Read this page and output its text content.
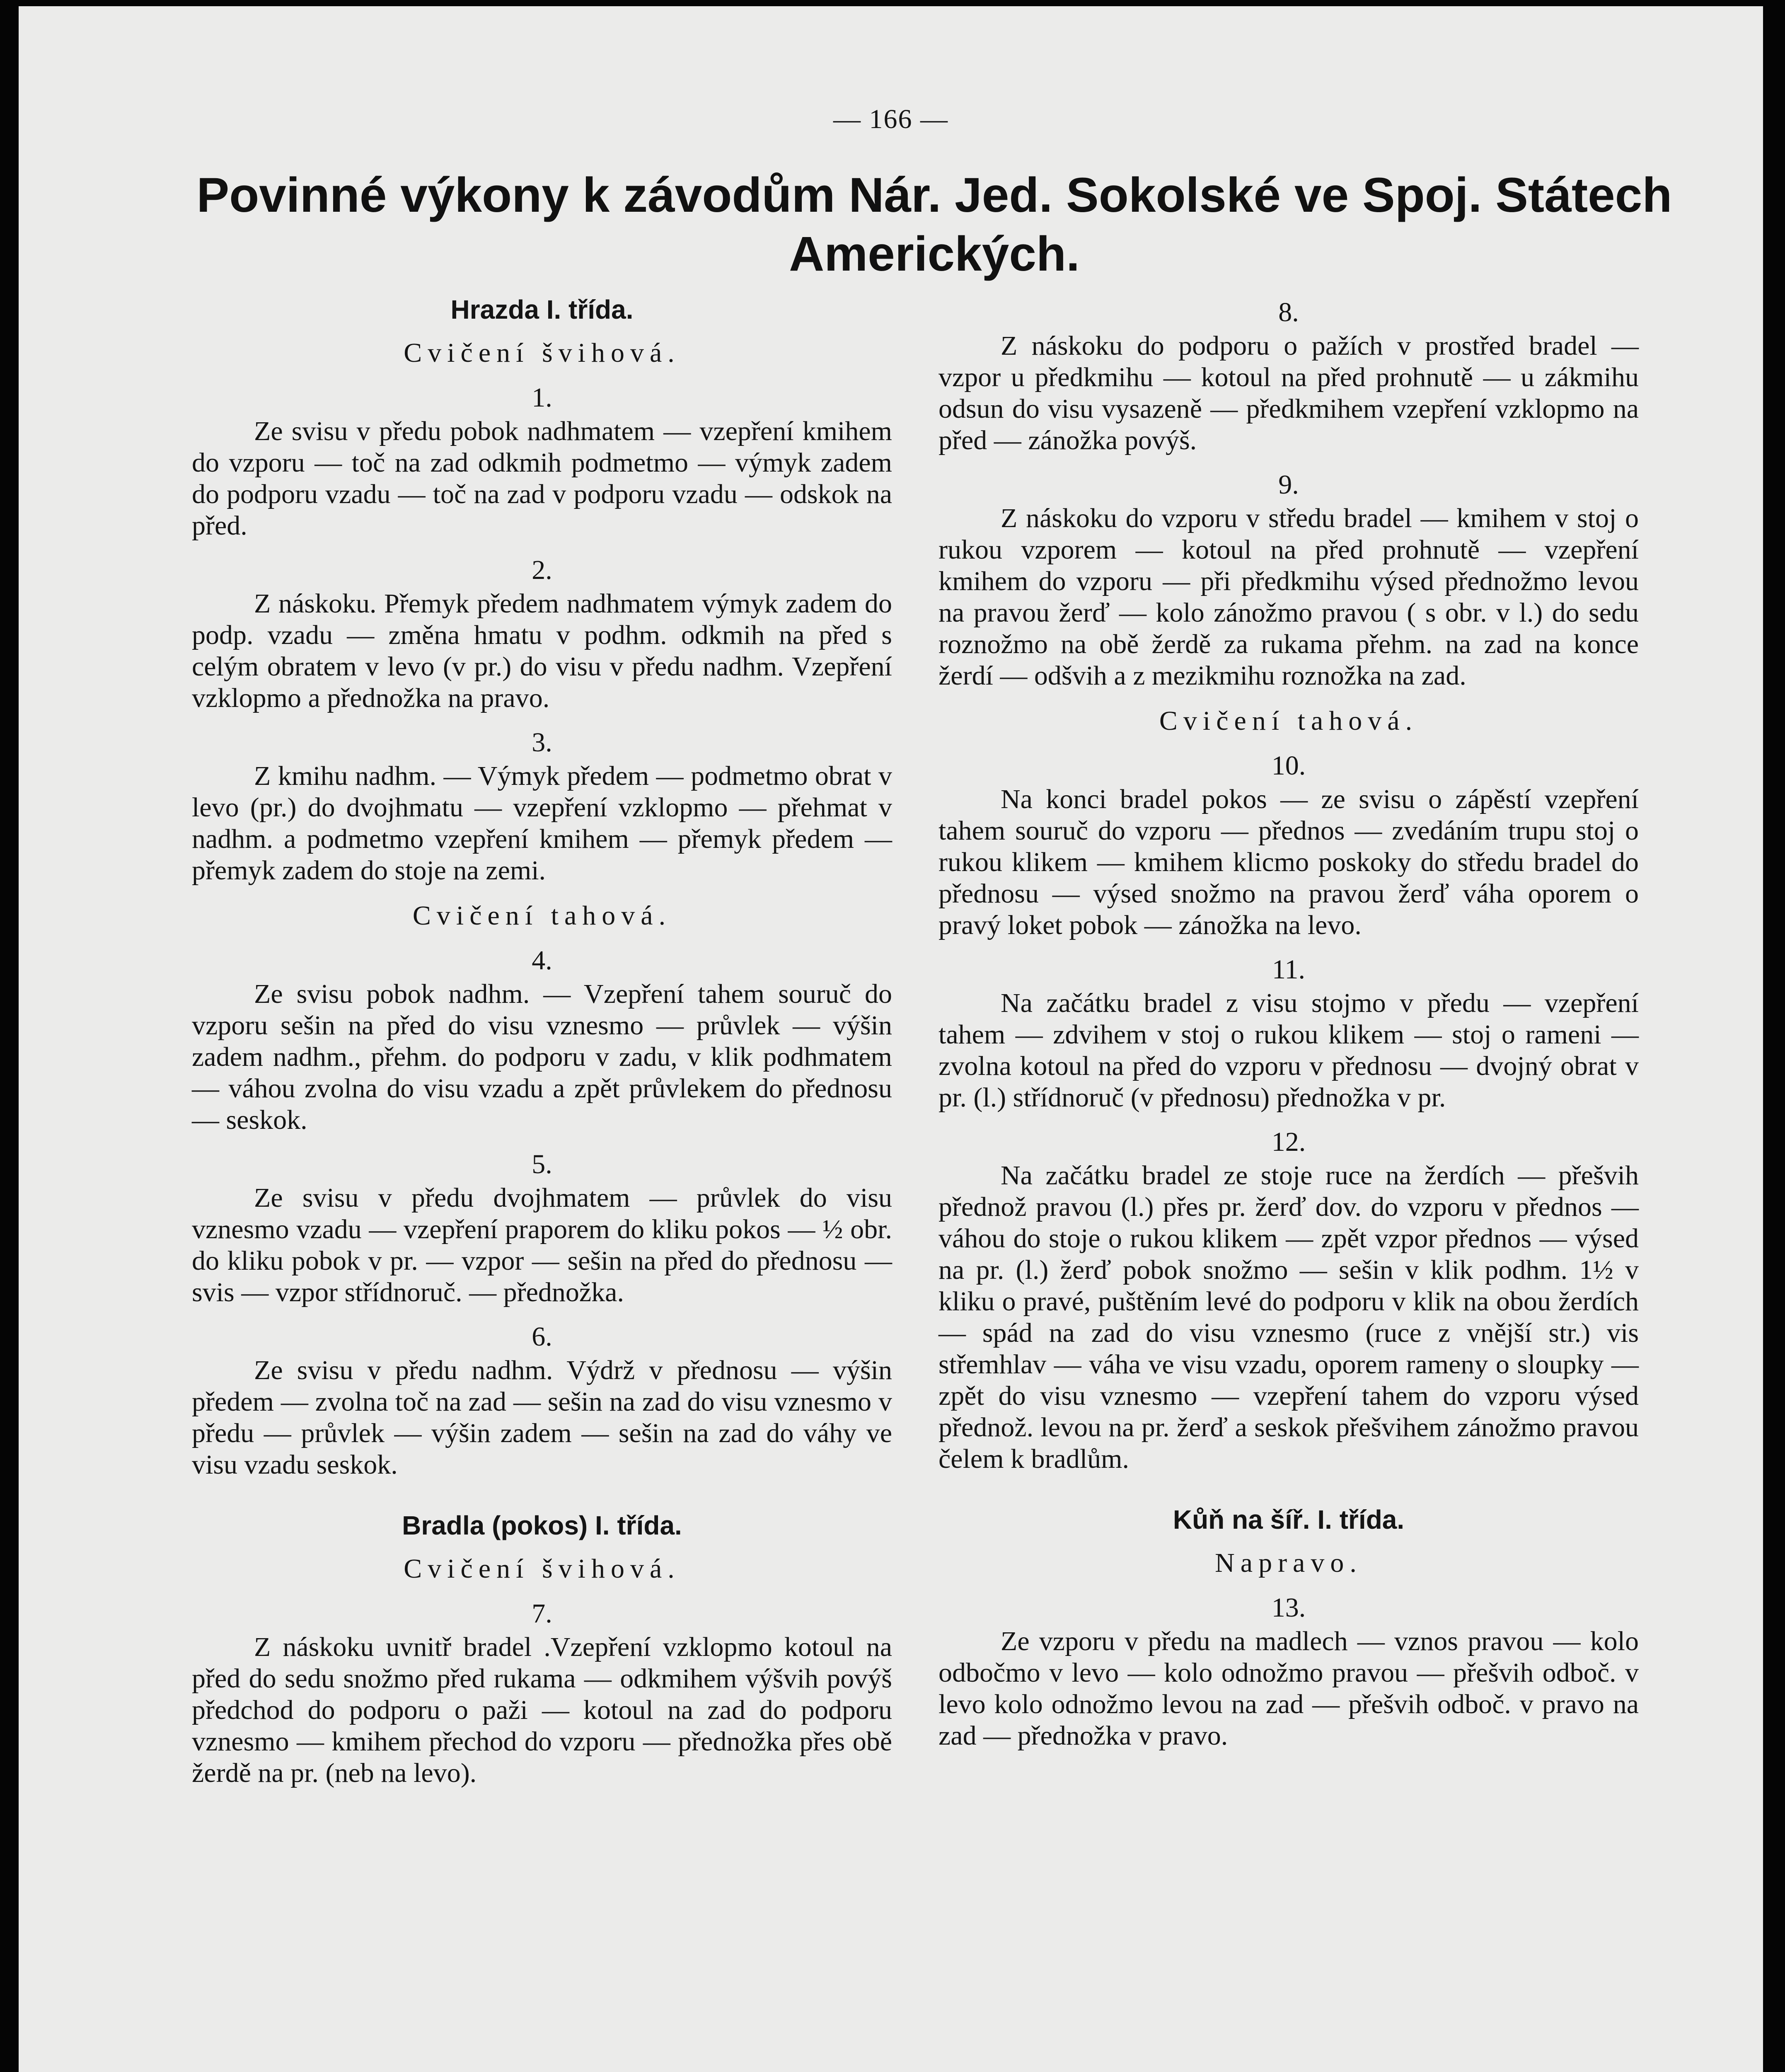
— 166 —
Povinné výkony k závodům Nár. Jed. Sokolské ve Spoj. Státech Amerických.
Hrazda I. třída.
Cvičení švihová.
1.

Ze svisu v předu pobok nadhmatem — vzepření kmihem do vzporu — toč na zad odkmih podmetmo — výmyk zadem do podporu vzadu — toč na zad v podporu vzadu — odskok na před.

2.

Z náskoku. Přemyk předem nadhmatem výmyk zadem do podp. vzadu — změna hmatu v podhm. odkmih na před s celým obratem v levo (v pr.) do visu v předu nadhm. Vzepření vzklopmo a přednožka na pravo.

3.

Z kmihu nadhm. — Výmyk předem — podmetmo obrat v levo (pr.) do dvojhmatu — vzepření vzklopmo — přehmat v nadhm. a podmetmo vzepření kmihem — přemyk předem — přemyk zadem do stoje na zemi.

Cvičení tahová.
4.

Ze svisu pobok nadhm. — Vzepření tahem souruč do vzporu sešin na před do visu vznesmo — průvlek — výšin zadem nadhm., přehm. do podporu v zadu, v klik podhmatem — váhou zvolna do visu vzadu a zpět průvlekem do přednosu — seskok.

5.

Ze svisu v předu dvojhmatem — průvlek do visu vznesmo vzadu — vzepření praporem do kliku pokos — ½ obr. do kliku pobok v pr. — vzpor — sešin na před do přednosu — svis — vzpor střídnoruč. — přednožka.

6.

Ze svisu v předu nadhm. Výdrž v přednosu — výšin předem — zvolna toč na zad — sešin na zad do visu vznesmo v předu — průvlek — výšin zadem — sešin na zad do váhy ve visu vzadu seskok.

Bradla (pokos) I. třída.
Cvičení švihová.
7.

Z náskoku uvnitř bradel .Vzepření vzklopmo kotoul na před do sedu snožmo před rukama — odkmihem výšvih povýš předchod do podporu o paži — kotoul na zad do podporu vznesmo — kmihem přechod do vzporu — přednožka přes obě žerdě na pr. (neb na levo).

8.

Z náskoku do podporu o pažích v prostřed bradel — vzpor u předkmihu — kotoul na před prohnutě — u zákmihu odsun do visu vysazeně — předkmihem vzepření vzklopmo na před — zánožka povýš.

9.

Z náskoku do vzporu v středu bradel — kmihem v stoj o rukou vzporem — kotoul na před prohnutě — vzepření kmihem do vzporu — při předkmihu výsed přednožmo levou na pravou žerď — kolo zánožmo pravou ( s obr. v l.) do sedu roznožmo na obě žerdě za rukama přehm. na zad na konce žerdí — odšvih a z mezikmihu roznožka na zad.

Cvičení tahová.
10.

Na konci bradel pokos — ze svisu o zápěstí vzepření tahem souruč do vzporu — přednos — zvedáním trupu stoj o rukou klikem — kmihem klicmo poskoky do středu bradel do přednosu — výsed snožmo na pravou žerď váha oporem o pravý loket pobok — zánožka na levo.

11.

Na začátku bradel z visu stojmo v předu — vzepření tahem — zdvihem v stoj o rukou klikem — stoj o rameni — zvolna kotoul na před do vzporu v přednosu — dvojný obrat v pr. (l.) střídnoruč (v přednosu) přednožka v pr.

12.

Na začátku bradel ze stoje ruce na žerdích — přešvih přednož pravou (l.) přes pr. žerď dov. do vzporu v přednos — váhou do stoje o rukou klikem — zpět vzpor přednos — výsed na pr. (l.) žerď pobok snožmo — sešin v klik podhm. 1½ v kliku o pravé, puštěním levé do podporu v klik na obou žerdích — spád na zad do visu vznesmo (ruce z vnější str.) vis střemhlav — váha ve visu vzadu, oporem rameny o sloupky — zpět do visu vznesmo — vzepření tahem do vzporu výsed přednož. levou na pr. žerď a seskok přešvihem zánožmo pravou čelem k bradlům.

Kůň na šíř. I. třída.
Napravo.
13.

Ze vzporu v předu na madlech — vznos pravou — kolo odbočmo v levo — kolo odnožmo pravou — přešvih odboč. v levo kolo odnožmo levou na zad — přešvih odboč. v pravo na zad — přednožka v pravo.
